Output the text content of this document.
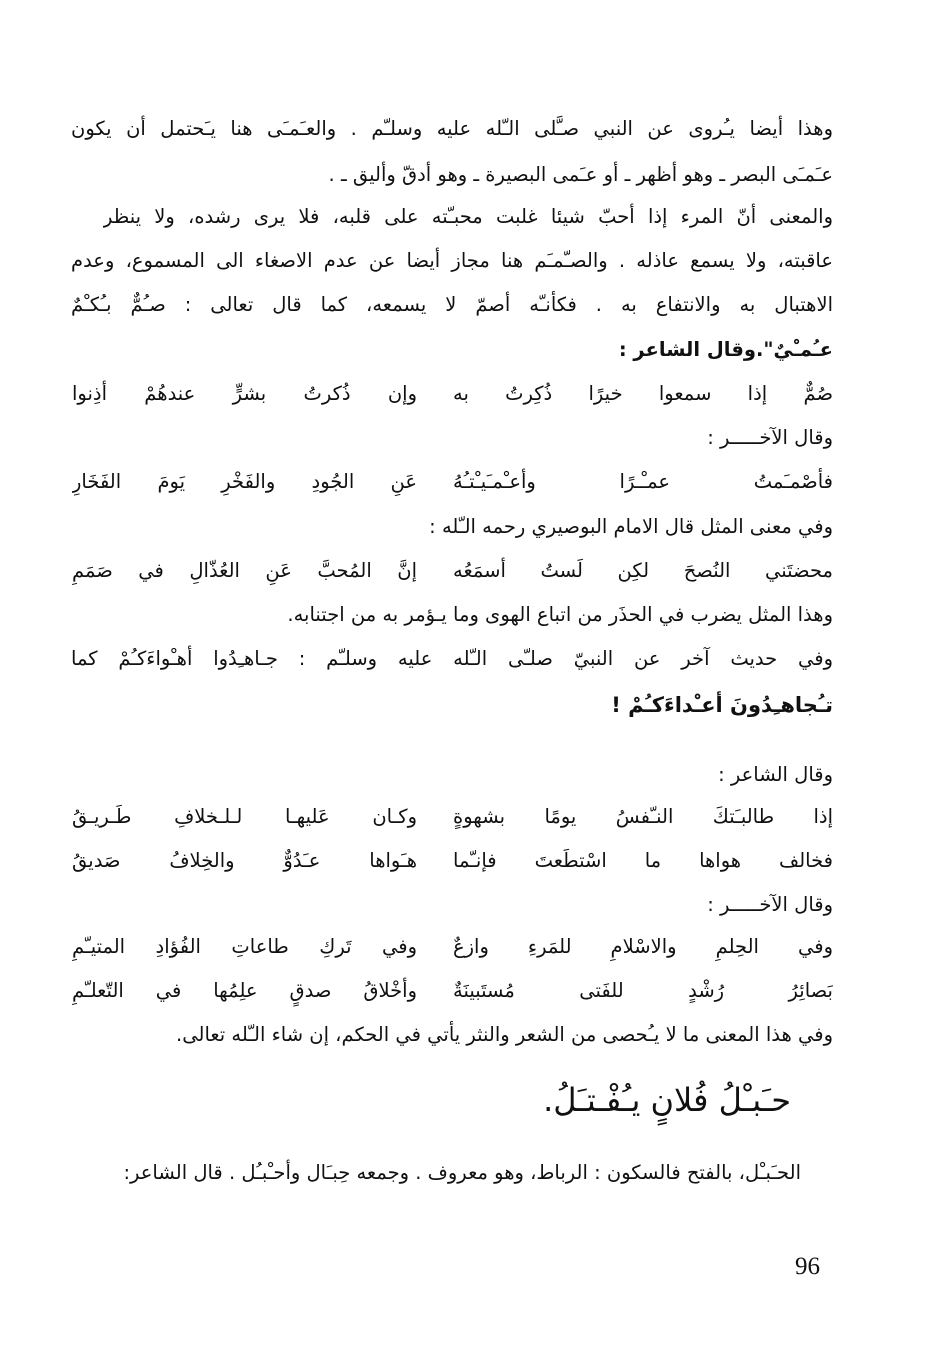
وهذا أيضا يـُروى عن النبي صـَّلى الـّله عليه وسلـّم . والعـَمـَى هنا يـَحتمل أن يكون
عـَمـَى البصر ـ وهو أظهر ـ أو عـَمى البصيرة ـ وهو أدقّ وأليق ـ .
والمعنى أنّ المرء إذا أحبّ شيئا غلبت محبـّته على قلبه، فلا يرى رشده، ولا ينظر
عاقبته، ولا يسمع عاذله . والصـّمـَم هنا مجاز أيضا عن عدم الاصغاء الى المسموع، وعدم
الاهتبال به والانتفاع به . فكأنـّه أصمّ لا يسمعه، كما قال تعالى : صـُمٌّ بـُكـْمٌ
عـُمـْيٌ".وقال الشاعر :
صُمٌّ إذا سمعوا خيرًا ذُكِرتُ به
وإن ذُكرتُ بشرٍّ عندهُمْ أذِنوا
وقال الآخـــــر :
فأصْمـَمتُ عمـْـرًا وأعـْمـَيـْتـُهُ
عَنِ الجُودِ والفَخْرِ يَومَ الفَخَارِ
وفي معنى المثل قال الامام البوصيري رحمه الـّله :
محضتَني النُصحَ لكِن لَستُ أسمَعُه
إنَّ المُحبَّ عَنِ العُذّالِ في صَمَمِ
وهذا المثل يضرب في الحذَر من اتباع الهوى وما يـؤمر به من اجتنابه.
وفي حديث آخر عن النبيّ صلـّى الـّله عليه وسلـّم : جـاهـِدُوا أهـْواءَكـُمْ كما
تـُجاهـِدُونَ أعـْداءَكـُمْ !
وقال الشاعر :
إذا طالبـَتكَ النـّفسُ يومًا بشهوةٍ
وكـان عَليهـا لـلـخلافِ طَـريـقُ
فخالف هواها ما اسْتطَعتَ فإنـّما
هـَواها عـَدُوٌّ والخِلافُ صَديقُ
وقال الآخـــــر :
وفي الحِلمِ والاسْلامِ للمَرءِ وازعٌ
وفي تَركِ طاعاتِ الفُؤادِ المتيـّمِ
بَصائِرُ رُشْدٍ للفَتى مُستَبينَةٌ
وأخْلاقُ صدقٍ علِمُها في التّعلـّمِ
وفي هذا المعنى ما لا يـُحصى من الشعر والنثر يأتي في الحكم، إن شاء الـّله تعالى.
حـَبـْلُ فُلانٍ يـُفْـتـَلُ.
الحـَبـْل، بالفتح فالسكون : الرباط، وهو معروف . وجمعه حِبـَال وأحـْبـُل . قال الشاعر:
96
